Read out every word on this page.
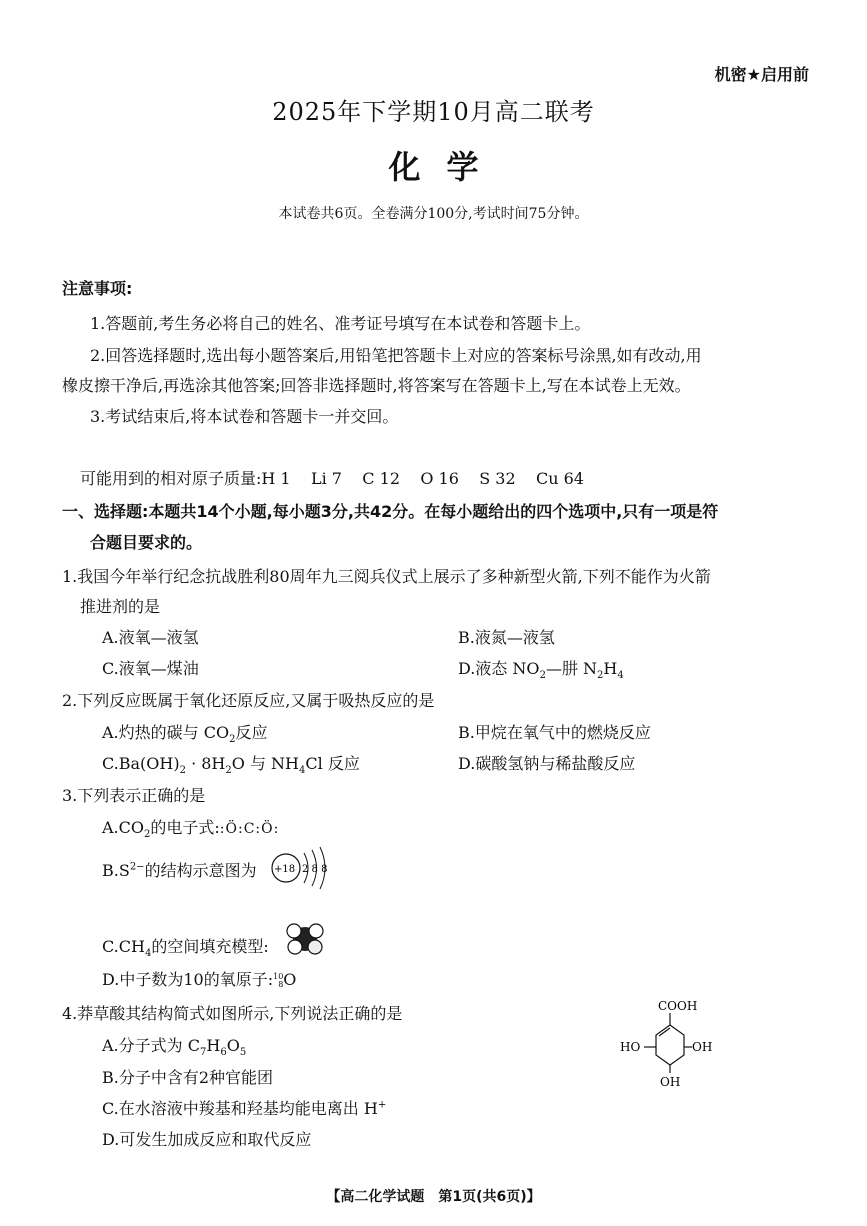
机密★启用前
2025年下学期10月高二联考
化学
本试卷共6页。全卷满分100分,考试时间75分钟。
注意事项:
1.答题前,考生务必将自己的姓名、准考证号填写在本试卷和答题卡上。
2.回答选择题时,选出每小题答案后,用铅笔把答题卡上对应的答案标号涂黑,如有改动,用
橡皮擦干净后,再选涂其他答案;回答非选择题时,将答案写在答题卡上,写在本试卷上无效。
3.考试结束后,将本试卷和答题卡一并交回。
可能用到的相对原子质量:H 1    Li 7    C 12    O 16    S 32    Cu 64
一、选择题:本题共14个小题,每小题3分,共42分。在每小题给出的四个选项中,只有一项是符
合题目要求的。
1.我国今年举行纪念抗战胜利80周年九三阅兵仪式上展示了多种新型火箭,下列不能作为火箭
推进剂的是
A.液氧—液氢	B.液氮—液氢
C.液氧—煤油	D.液态 $NO_2—$肼 $N_2H_4$
2.下列反应既属于氧化还原反应,又属于吸热反应的是
A.灼热的碳与 $CO_2$反应	B.甲烷在氧气中的燃烧反应
$C.Ba(OH)_2 \cdot 8H_2O$ 与 $NH_4Cl$ 反应	D.碳酸氢钠与稀盐酸反应
3.下列表示正确的是
$A.CO_2$的电子式::Ö:C:Ö:
$B.S^{2-}$的结构示意图为 +18 2 8 8
$C.CH_4$的空间填充模型:
D.中子数为10的氧原子: 10
8 O
4.莽草酸其结构简式如图所示,下列说法正确的是
A.分子式为 $C_7H_6O_5$
B.分子中含有2种官能团
C.在水溶液中羧基和羟基均能电离出 H+
D.可发生加成反应和取代反应
COOH
HO	OH
OH
【高二化学试题　第1页(共6页)】
